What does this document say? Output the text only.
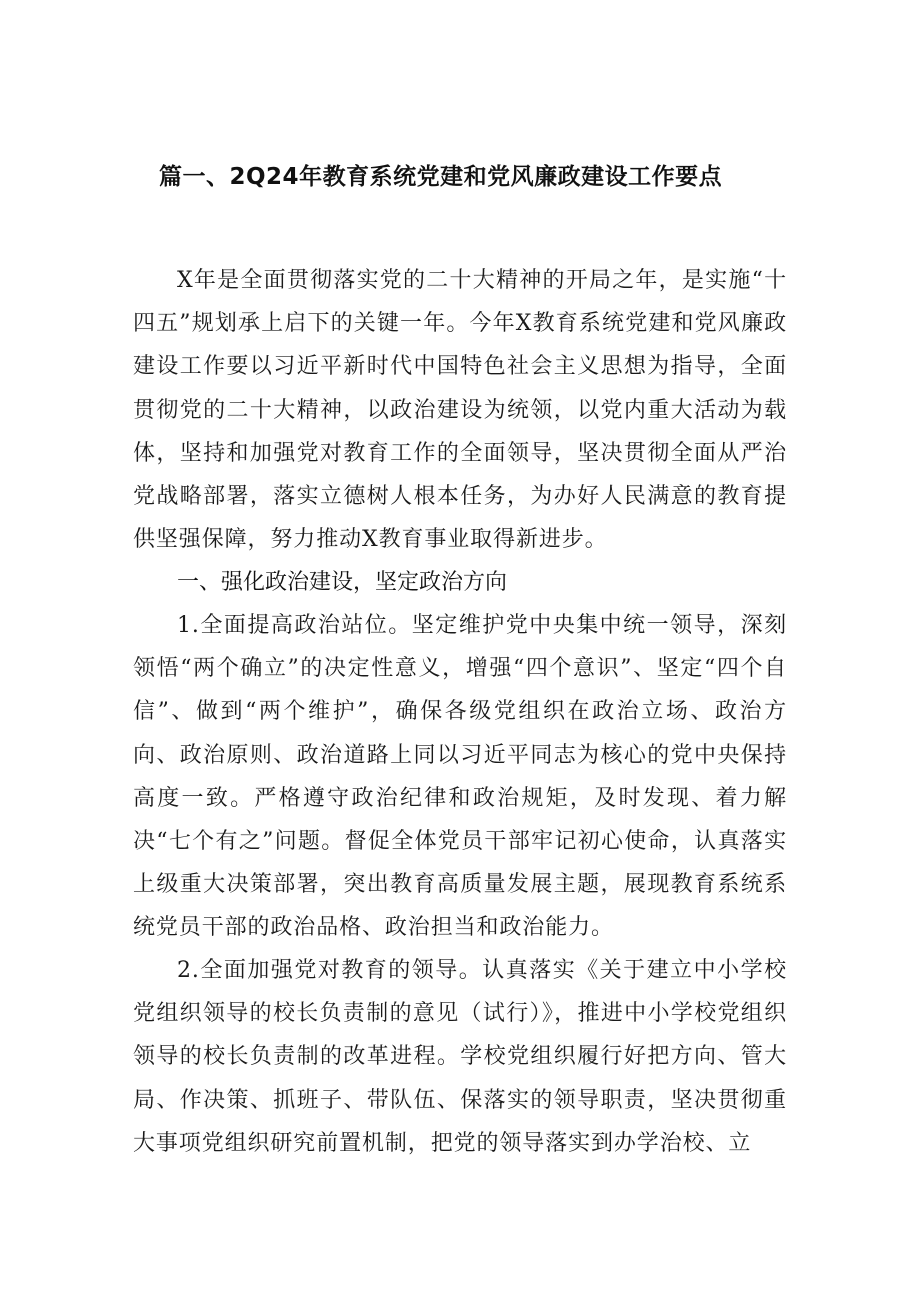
篇一、2Q24年教育系统党建和党风廉政建设工作要点

X年是全面贯彻落实党的二十大精神的开局之年，是实施“十四五”规划承上启下的关键一年。今年X教育系统党建和党风廉政建设工作要以习近平新时代中国特色社会主义思想为指导，全面贯彻党的二十大精神，以政治建设为统领，以党内重大活动为载体，坚持和加强党对教育工作的全面领导，坚决贯彻全面从严治党战略部署，落实立德树人根本任务，为办好人民满意的教育提供坚强保障，努力推动X教育事业取得新进步。

一、强化政治建设，坚定政治方向

1.全面提高政治站位。坚定维护党中央集中统一领导，深刻领悟“两个确立”的决定性意义，增强“四个意识”、坚定“四个自信”、做到“两个维护”，确保各级党组织在政治立场、政治方向、政治原则、政治道路上同以习近平同志为核心的党中央保持高度一致。严格遵守政治纪律和政治规矩，及时发现、着力解决“七个有之”问题。督促全体党员干部牢记初心使命，认真落实上级重大决策部署，突出教育高质量发展主题，展现教育系统系统党员干部的政治品格、政治担当和政治能力。

2.全面加强党对教育的领导。认真落实《关于建立中小学校党组织领导的校长负责制的意见（试行）》，推进中小学校党组织领导的校长负责制的改革进程。学校党组织履行好把方向、管大局、作决策、抓班子、带队伍、保落实的领导职责，坚决贯彻重大事项党组织研究前置机制，把党的领导落实到办学治校、立
